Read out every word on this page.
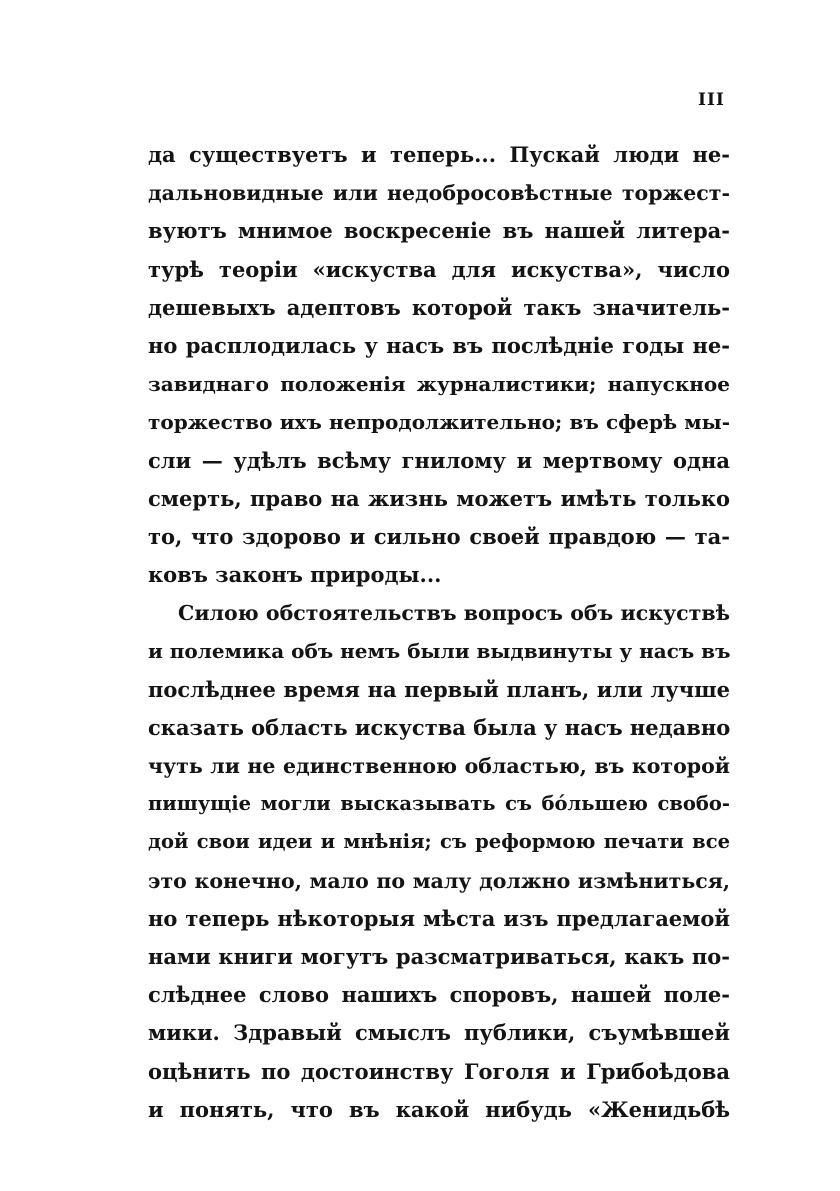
III
да существуетъ и теперь... Пускай люди не-
дальновидные или недобросовѣстные торжест-
вуютъ мнимое воскресеніе въ нашей литера-
турѣ теоріи «искуства для искуства», число
дешевыхъ адептовъ которой такъ значитель-
но расплодилась у насъ въ послѣдніе годы не-
завиднаго положенія журналистики; напускное
торжество ихъ непродолжительно; въ сферѣ мы-
сли — удѣлъ всѣму гнилому и мертвому одна
смерть, право на жизнь можетъ имѣть только
то, что здорово и сильно своей правдою — та-
ковъ законъ природы...
Силою обстоятельствъ вопросъ объ искуствѣ
и полемика объ немъ были выдвинуты у насъ въ
послѣднее время на первый планъ, или лучше
сказать область искуства была у насъ недавно
чуть ли не единственною областью, въ которой
пишущіе могли высказывать съ бóльшею свобо-
дой свои идеи и мнѣнія; съ реформою печати все
это конечно, мало по малу должно измѣниться,
но теперь нѣкоторыя мѣста изъ предлагаемой
нами книги могутъ разсматриваться, какъ по-
слѣднее слово нашихъ споровъ, нашей поле-
мики. Здравый смыслъ публики, съумѣвшей
оцѣнить по достоинству Гоголя и Грибоѣдова
и понять, что въ какой нибудь «Женидьбѣ
